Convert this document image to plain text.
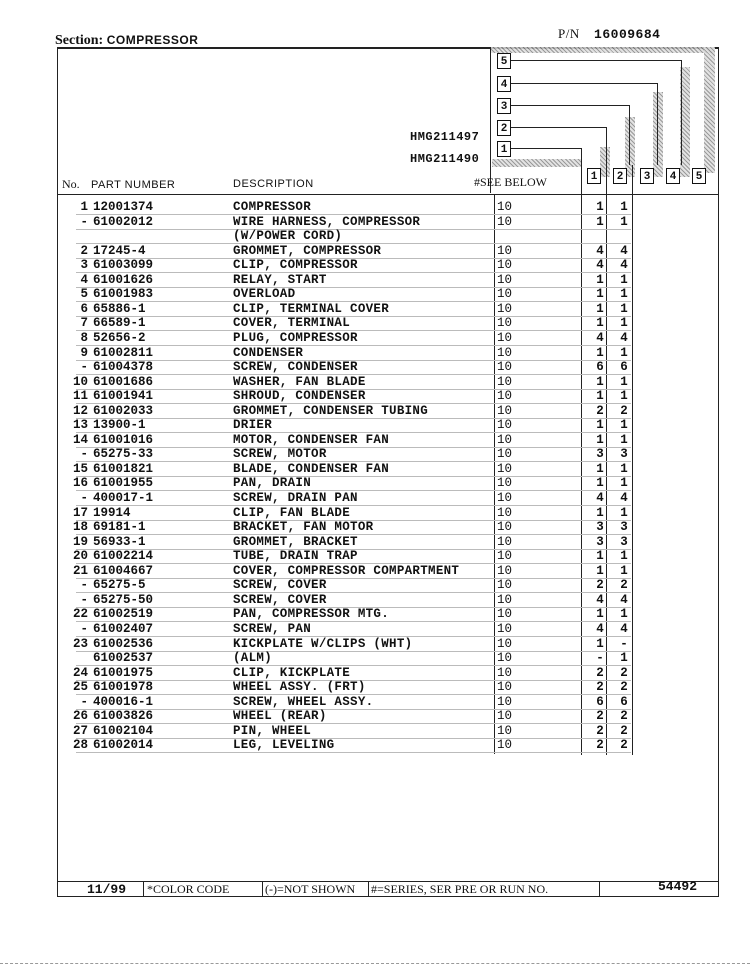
Section: COMPRESSOR	P/N 16009684
5
4
3
2
1
1	2	3	4	5
HMG211497
HMG211490
No. PART NUMBER	DESCRIPTION	#SEE BELOW
1 12001374	COMPRESSOR	10	1 1
- 61002012	WIRE HARNESS, COMPRESSOR	10	1 1
(W/POWER CORD)
2 17245-4	GROMMET, COMPRESSOR	10	4 4
3 61003099	CLIP, COMPRESSOR	10	4 4
4 61001626	RELAY, START	10	1 1
5 61001983	OVERLOAD	10	1 1
6 65886-1	CLIP, TERMINAL COVER	10	1 1
7 66589-1	COVER, TERMINAL	10	1 1
8 52656-2	PLUG, COMPRESSOR	10	4 4
9 61002811	CONDENSER	10	1 1
- 61004378	SCREW, CONDENSER	10	6 6
10 61001686	WASHER, FAN BLADE	10	1 1
11 61001941	SHROUD, CONDENSER	10	1 1
12 61002033	GROMMET, CONDENSER TUBING	10	2 2
13 13900-1	DRIER	10	1 1
14 61001016	MOTOR, CONDENSER FAN	10	1 1
- 65275-33	SCREW, MOTOR	10	3 3
15 61001821	BLADE, CONDENSER FAN	10	1 1
16 61001955	PAN, DRAIN	10	1 1
- 400017-1	SCREW, DRAIN PAN	10	4 4
17 19914	CLIP, FAN BLADE	10	1 1
18 69181-1	BRACKET, FAN MOTOR	10	3 3
19 56933-1	GROMMET, BRACKET	10	3 3
20 61002214	TUBE, DRAIN TRAP	10	1 1
21 61004667	COVER, COMPRESSOR COMPARTMENT	10	1 1
- 65275-5	SCREW, COVER	10	2 2
- 65275-50	SCREW, COVER	10	4 4
22 61002519	PAN, COMPRESSOR MTG.	10	1 1
- 61002407	SCREW, PAN	10	4 4
23 61002536	KICKPLATE W/CLIPS (WHT)	10	1 -
61002537	(ALM)	10	- 1
24 61001975	CLIP, KICKPLATE	10	2 2
25 61001978	WHEEL ASSY. (FRT)	10	2 2
- 400016-1	SCREW, WHEEL ASSY.	10	6 6
26 61003826	WHEEL (REAR)	10	2 2
27 61002104	PIN, WHEEL	10	2 2
28 61002014	LEG, LEVELING	10	2 2
11/99 *COLOR CODE	(-)=NOT SHOWN #=SERIES, SER PRE OR RUN NO.	54492
